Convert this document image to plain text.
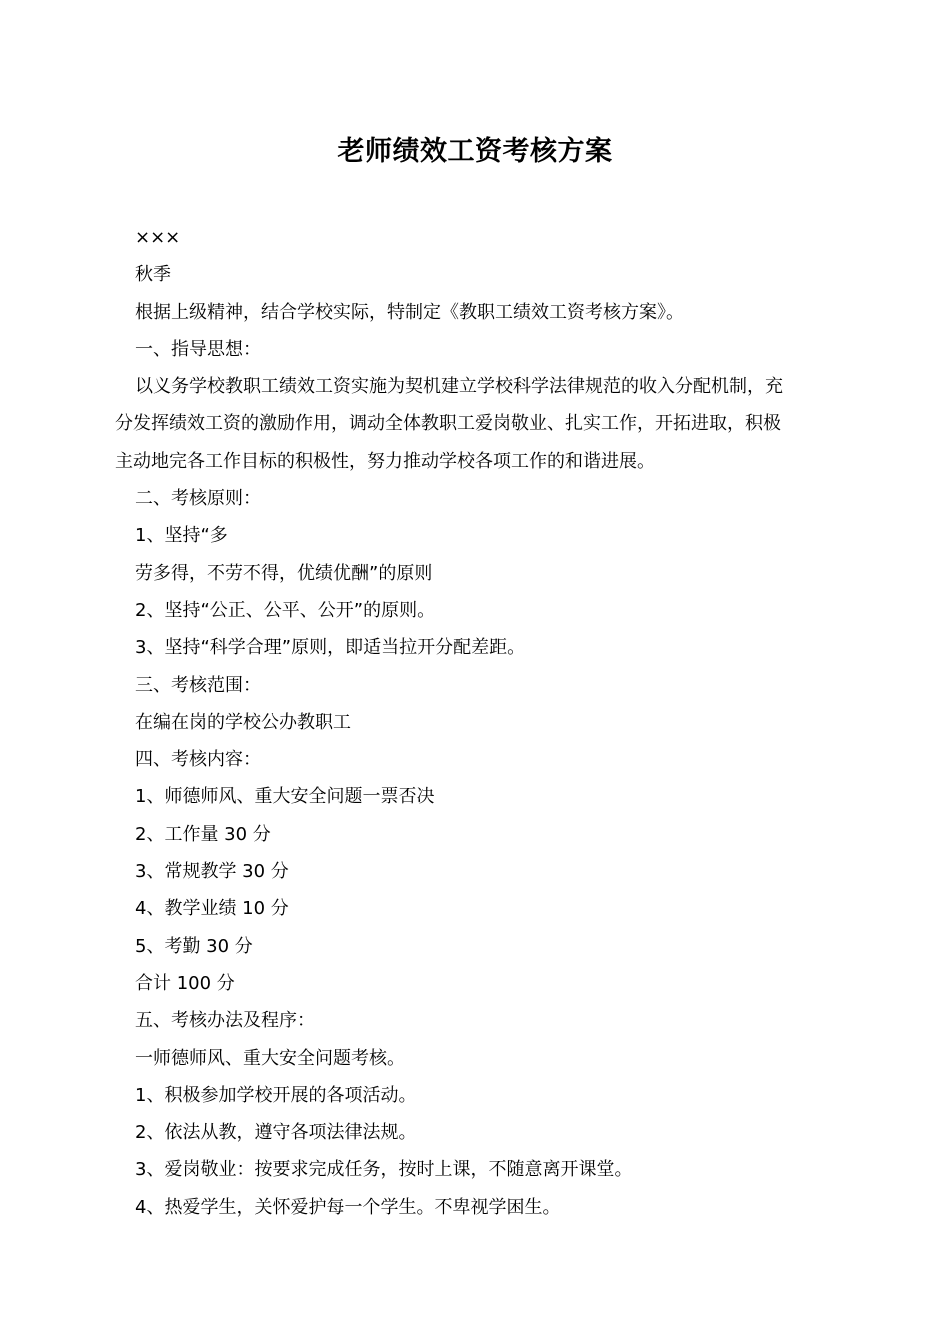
老师绩效工资考核方案
×××
秋季
根据上级精神，结合学校实际，特制定《教职工绩效工资考核方案》。
一、指导思想：
以义务学校教职工绩效工资实施为契机建立学校科学法律规范的收入分配机制，充
分发挥绩效工资的激励作用，调动全体教职工爱岗敬业、扎实工作，开拓进取，积极
主动地完各工作目标的积极性，努力推动学校各项工作的和谐进展。
二、考核原则：
1、坚持“多
劳多得，不劳不得，优绩优酬”的原则
2、坚持“公正、公平、公开”的原则。
3、坚持“科学合理”原则，即适当拉开分配差距。
三、考核范围：
在编在岗的学校公办教职工
四、考核内容：
1、师德师风、重大安全问题一票否决
2、工作量 30 分
3、常规教学 30 分
4、教学业绩 10 分
5、考勤 30 分
合计 100 分
五、考核办法及程序：
一师德师风、重大安全问题考核。
1、积极参加学校开展的各项活动。
2、依法从教，遵守各项法律法规。
3、爱岗敬业：按要求完成任务，按时上课，不随意离开课堂。
4、热爱学生，关怀爱护每一个学生。不卑视学困生。
